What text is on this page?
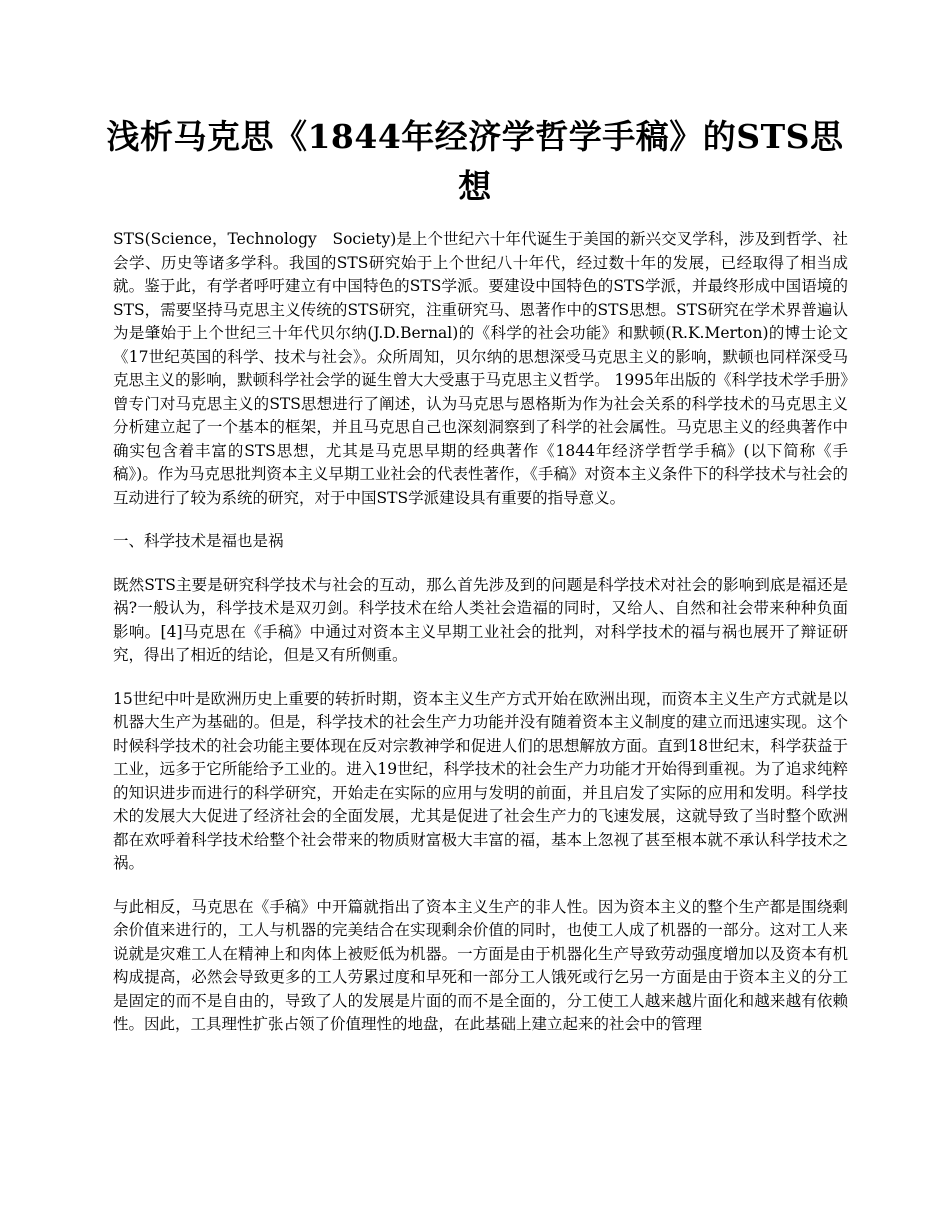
浅析马克思《1844年经济学哲学手稿》的STS思想

STS(Science，Technology　Society)是上个世纪六十年代诞生于美国的新兴交叉学科，涉及到哲学、社会学、历史等诸多学科。我国的STS研究始于上个世纪八十年代，经过数十年的发展，已经取得了相当成就。鉴于此，有学者呼吁建立有中国特色的STS学派。要建设中国特色的STS学派，并最终形成中国语境的STS，需要坚持马克思主义传统的STS研究，注重研究马、恩著作中的STS思想。STS研究在学术界普遍认为是肇始于上个世纪三十年代贝尔纳(J.D.Bernal)的《科学的社会功能》和默顿(R.K.Merton)的博士论文《17世纪英国的科学、技术与社会》。众所周知，贝尔纳的思想深受马克思主义的影响，默顿也同样深受马克思主义的影响，默顿科学社会学的诞生曾大大受惠于马克思主义哲学。 1995年出版的《科学技术学手册》曾专门对马克思主义的STS思想进行了阐述，认为马克思与恩格斯为作为社会关系的科学技术的马克思主义分析建立起了一个基本的框架，并且马克思自己也深刻洞察到了科学的社会属性。马克思主义的经典著作中确实包含着丰富的STS思想，尤其是马克思早期的经典著作《1844年经济学哲学手稿》(以下简称《手稿》)。作为马克思批判资本主义早期工业社会的代表性著作，《手稿》对资本主义条件下的科学技术与社会的互动进行了较为系统的研究，对于中国STS学派建设具有重要的指导意义。

一、科学技术是福也是祸

既然STS主要是研究科学技术与社会的互动，那么首先涉及到的问题是科学技术对社会的影响到底是福还是祸?一般认为，科学技术是双刃剑。科学技术在给人类社会造福的同时，又给人、自然和社会带来种种负面影响。[4]马克思在《手稿》中通过对资本主义早期工业社会的批判，对科学技术的福与祸也展开了辩证研究，得出了相近的结论，但是又有所侧重。

15世纪中叶是欧洲历史上重要的转折时期，资本主义生产方式开始在欧洲出现，而资本主义生产方式就是以机器大生产为基础的。但是，科学技术的社会生产力功能并没有随着资本主义制度的建立而迅速实现。这个时候科学技术的社会功能主要体现在反对宗教神学和促进人们的思想解放方面。直到18世纪末，科学获益于工业，远多于它所能给予工业的。进入19世纪，科学技术的社会生产力功能才开始得到重视。为了追求纯粹的知识进步而进行的科学研究，开始走在实际的应用与发明的前面，并且启发了实际的应用和发明。科学技术的发展大大促进了经济社会的全面发展，尤其是促进了社会生产力的飞速发展，这就导致了当时整个欧洲都在欢呼着科学技术给整个社会带来的物质财富极大丰富的福，基本上忽视了甚至根本就不承认科学技术之祸。

与此相反，马克思在《手稿》中开篇就指出了资本主义生产的非人性。因为资本主义的整个生产都是围绕剩余价值来进行的，工人与机器的完美结合在实现剩余价值的同时，也使工人成了机器的一部分。这对工人来说就是灾难工人在精神上和肉体上被贬低为机器。一方面是由于机器化生产导致劳动强度增加以及资本有机构成提高，必然会导致更多的工人劳累过度和早死和一部分工人饿死或行乞另一方面是由于资本主义的分工是固定的而不是自由的，导致了人的发展是片面的而不是全面的，分工使工人越来越片面化和越来越有依赖性。因此，工具理性扩张占领了价值理性的地盘，在此基础上建立起来的社会中的管理
